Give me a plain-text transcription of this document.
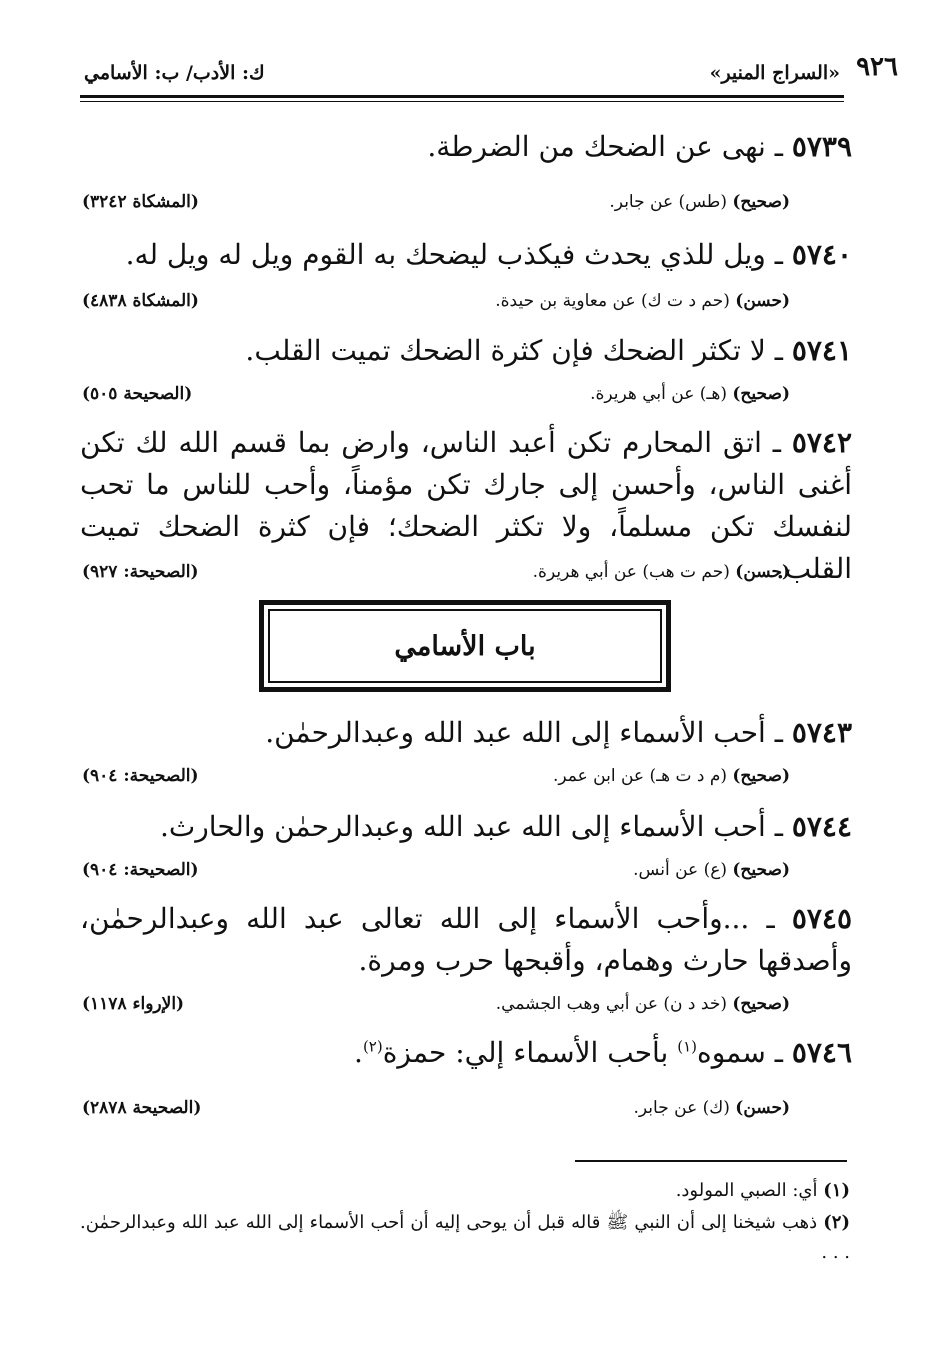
٩٢٦
«السراج المنير»
ك: الأدب/ ب: الأسامي
٥٧٣٩ ـ نهى عن الضحك من الضرطة.
(صحيح) (طس) عن جابر.
(المشكاة ٣٢٤٢)
٥٧٤٠ ـ ويل للذي يحدث فيكذب ليضحك به القوم ويل له ويل له.
(حسن) (حم د ت ك) عن معاوية بن حيدة.
(المشكاة ٤٨٣٨)
٥٧٤١ ـ لا تكثر الضحك فإن كثرة الضحك تميت القلب.
(صحيح) (هـ) عن أبي هريرة.
(الصحيحة ٥٠٥)
٥٧٤٢ ـ اتق المحارم تكن أعبد الناس، وارض بما قسم الله لك تكن أغنى الناس، وأحسن إلى جارك تكن مؤمناً، وأحب للناس ما تحب لنفسك تكن مسلماً، ولا تكثر الضحك؛ فإن كثرة الضحك تميت القلب.
(حسن) (حم ت هب) عن أبي هريرة.
(الصحيحة: ٩٢٧)
باب الأسامي
٥٧٤٣ ـ أحب الأسماء إلى الله عبد الله وعبدالرحمٰن.
(صحيح) (م د ت هـ) عن ابن عمر.
(الصحيحة: ٩٠٤)
٥٧٤٤ ـ أحب الأسماء إلى الله عبد الله وعبدالرحمٰن والحارث.
(صحيح) (ع) عن أنس.
(الصحيحة: ٩٠٤)
٥٧٤٥ ـ ...وأحب الأسماء إلى الله تعالى عبد الله وعبدالرحمٰن، وأصدقها حارث وهمام، وأقبحها حرب ومرة.
(صحيح) (خد د ن) عن أبي وهب الجشمي.
(الإرواء ١١٧٨)
٥٧٤٦ ـ سموه$^{(١)}$ بأحب الأسماء إلي: حمزة$^{(٢)}$.
(حسن) (ك) عن جابر.
(الصحيحة ٢٨٧٨)
(١) أي: الصبي المولود.
(٢) ذهب شيخنا إلى أن النبي ﷺ قاله قبل أن يوحى إليه أن أحب الأسماء إلى الله عبد الله وعبدالرحمٰن. . . .
